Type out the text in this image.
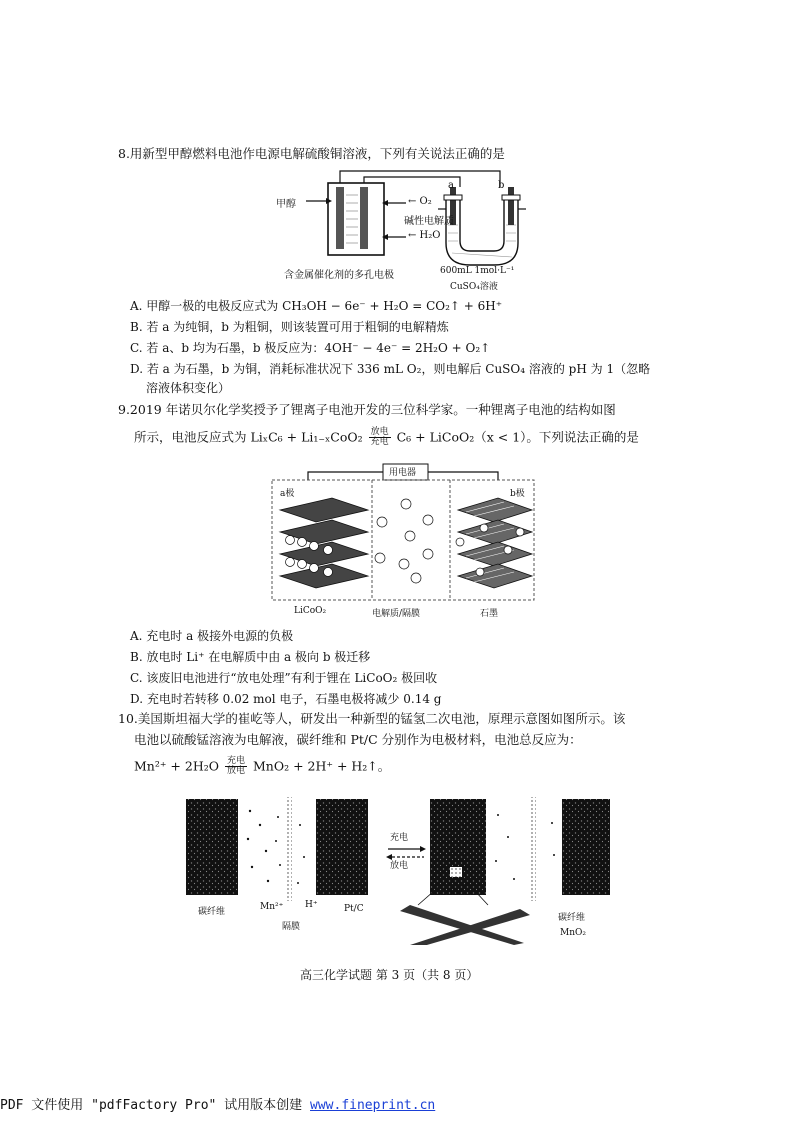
8.用新型甲醇燃料电池作电源电解硫酸铜溶液，下列有关说法正确的是
甲醇	← O₂
碱性电解质
← H₂O
含金属催化剂的多孔电极
a	b
600mL 1mol·L⁻¹
CuSO₄溶液
A. 甲醇一极的电极反应式为 CH₃OH − 6e⁻ + H₂O = CO₂↑ + 6H⁺
B. 若 a 为纯铜，b 为粗铜，则该装置可用于粗铜的电解精炼
C. 若 a、b 均为石墨，b 极反应为：4OH⁻ − 4e⁻ = 2H₂O + O₂↑
D. 若 a 为石墨，b 为铜，消耗标准状况下 336 mL O₂，则电解后 CuSO₄ 溶液的 pH 为 1（忽略
溶液体积变化）
9.2019 年诺贝尔化学奖授予了锂离子电池开发的三位科学家。一种锂离子电池的结构如图
所示，电池反应式为 $Li_xC_6 + Li_{1-x}CoO_2 \frac{\text{放电}}{\text{充电}} C_6$ + LiCoO₂（x < 1）。下列说法正确的是
用电器
a极	b极
LiCoO₂	电解质/隔膜	石墨
A. 充电时 a 极接外电源的负极
B. 放电时 Li⁺ 在电解质中由 a 极向 b 极迁移
C. 该废旧电池进行“放电处理”有利于锂在 LiCoO₂ 极回收
D. 充电时若转移 0.02 mol 电子，石墨电极将减少 0.14 g
10.美国斯坦福大学的崔屹等人，研发出一种新型的锰氢二次电池，原理示意图如图所示。该
电池以硫酸锰溶液为电解液，碳纤维和 Pt/C 分别作为电极材料，电池总反应为：
$Mn^{2+} + 2H_2O \frac{\text{充电}}{\text{放电}} MnO_2 + 2H^+$ + H₂↑。
充电
放电
碳纤维	Mn²⁺ H⁺
隔膜
Pt/C
碳纤维
MnO₂
高三化学试题 第 3 页（共 8 页）
PDF 文件使用 "pdfFactory Pro" 试用版本创建 www.fineprint.cn
